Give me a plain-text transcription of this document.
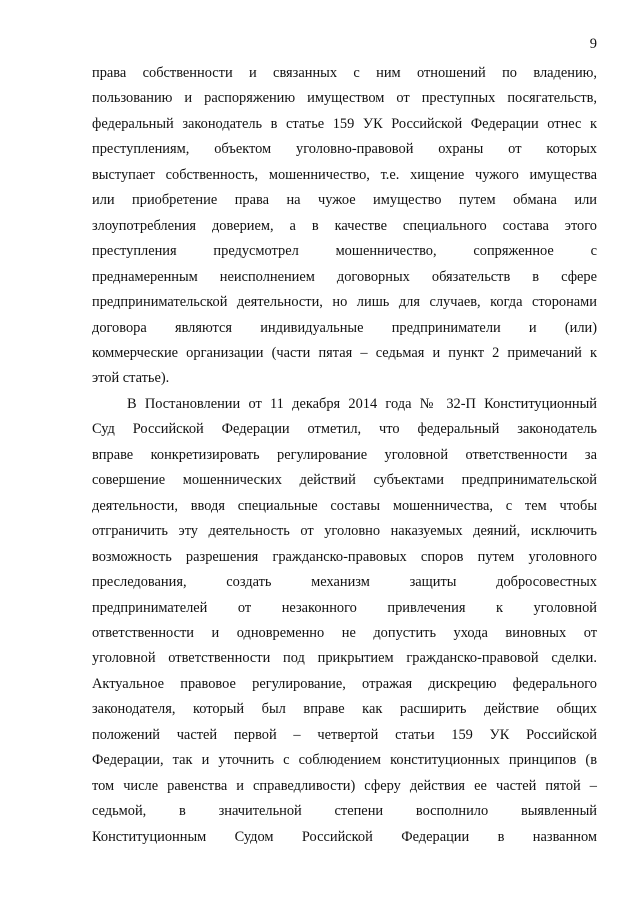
9

права собственности и связанных с ним отношений по владению,

пользованию и распоряжению имуществом от преступных посягательств,

федеральный законодатель в статье 159 УК Российской Федерации отнес к

преступлениям, объектом уголовно-правовой охраны от которых

выступает собственность, мошенничество, т.е. хищение чужого имущества

или приобретение права на чужое имущество путем обмана или

злоупотребления доверием, а в качестве специального состава этого

преступления предусмотрел мошенничество, сопряженное с

преднамеренным неисполнением договорных обязательств в сфере

предпринимательской деятельности, но лишь для случаев, когда сторонами

договора являются индивидуальные предприниматели и (или)

коммерческие организации (части пятая – седьмая и пункт 2 примечаний к

этой статье).

В Постановлении от 11 декабря 2014 года № 32-П Конституционный

Суд Российской Федерации отметил, что федеральный законодатель

вправе конкретизировать регулирование уголовной ответственности за

совершение мошеннических действий субъектами предпринимательской

деятельности, вводя специальные составы мошенничества, с тем чтобы

отграничить эту деятельность от уголовно наказуемых деяний, исключить

возможность разрешения гражданско-правовых споров путем уголовного

преследования, создать механизм защиты добросовестных

предпринимателей от незаконного привлечения к уголовной

ответственности и одновременно не допустить ухода виновных от

уголовной ответственности под прикрытием гражданско-правовой сделки.

Актуальное правовое регулирование, отражая дискрецию федерального

законодателя, который был вправе как расширить действие общих

положений частей первой – четвертой статьи 159 УК Российской

Федерации, так и уточнить с соблюдением конституционных принципов (в

том числе равенства и справедливости) сферу действия ее частей пятой –

седьмой, в значительной степени восполнило выявленный

Конституционным Судом Российской Федерации в названном
